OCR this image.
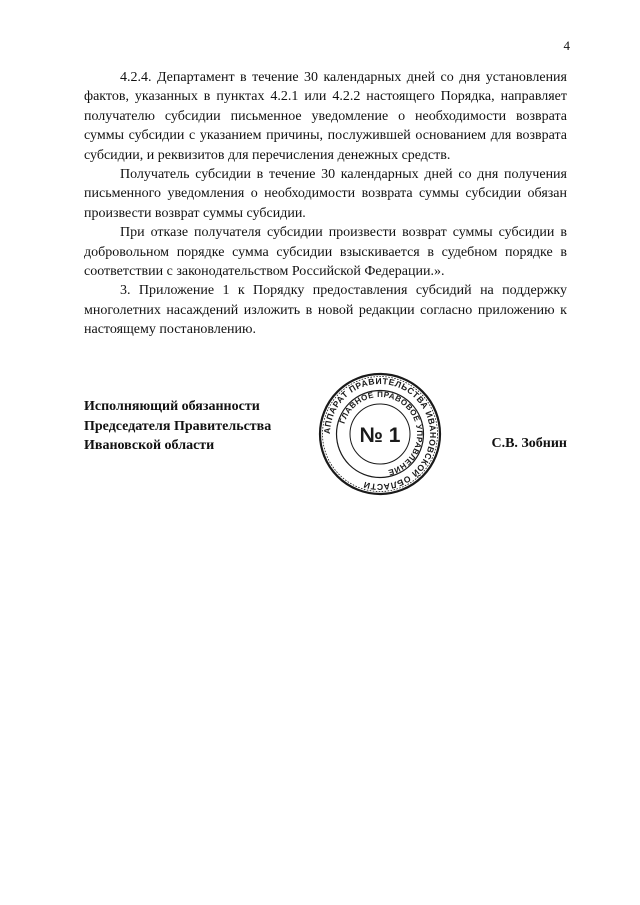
4

4.2.4. Департамент в течение 30 календарных дней со дня установления фактов, указанных в пунктах 4.2.1 или 4.2.2 настоящего Порядка, направляет получателю субсидии письменное уведомление о необходимости возврата суммы субсидии с указанием причины, послужившей основанием для возврата субсидии, и реквизитов для перечисления денежных средств.

Получатель субсидии в течение 30 календарных дней со дня получения письменного уведомления о необходимости возврата суммы субсидии обязан произвести возврат суммы субсидии.

При отказе получателя субсидии произвести возврат суммы субсидии в добровольном порядке сумма субсидии взыскивается в судебном порядке в соответствии с законодательством Российской Федерации.».

3. Приложение 1 к Порядку предоставления субсидий на поддержку многолетних насаждений изложить в новой редакции согласно приложению к настоящему постановлению.

Исполняющий обязанности
Председателя Правительства
Ивановской области
АППАРАТ ПРАВИТЕЛЬСТВА ИВАНОВСКОЙ ОБЛАСТИ
ГЛАВНОЕ ПРАВОВОЕ УПРАВЛЕНИЕ
№ 1	С.В. Зобнин
